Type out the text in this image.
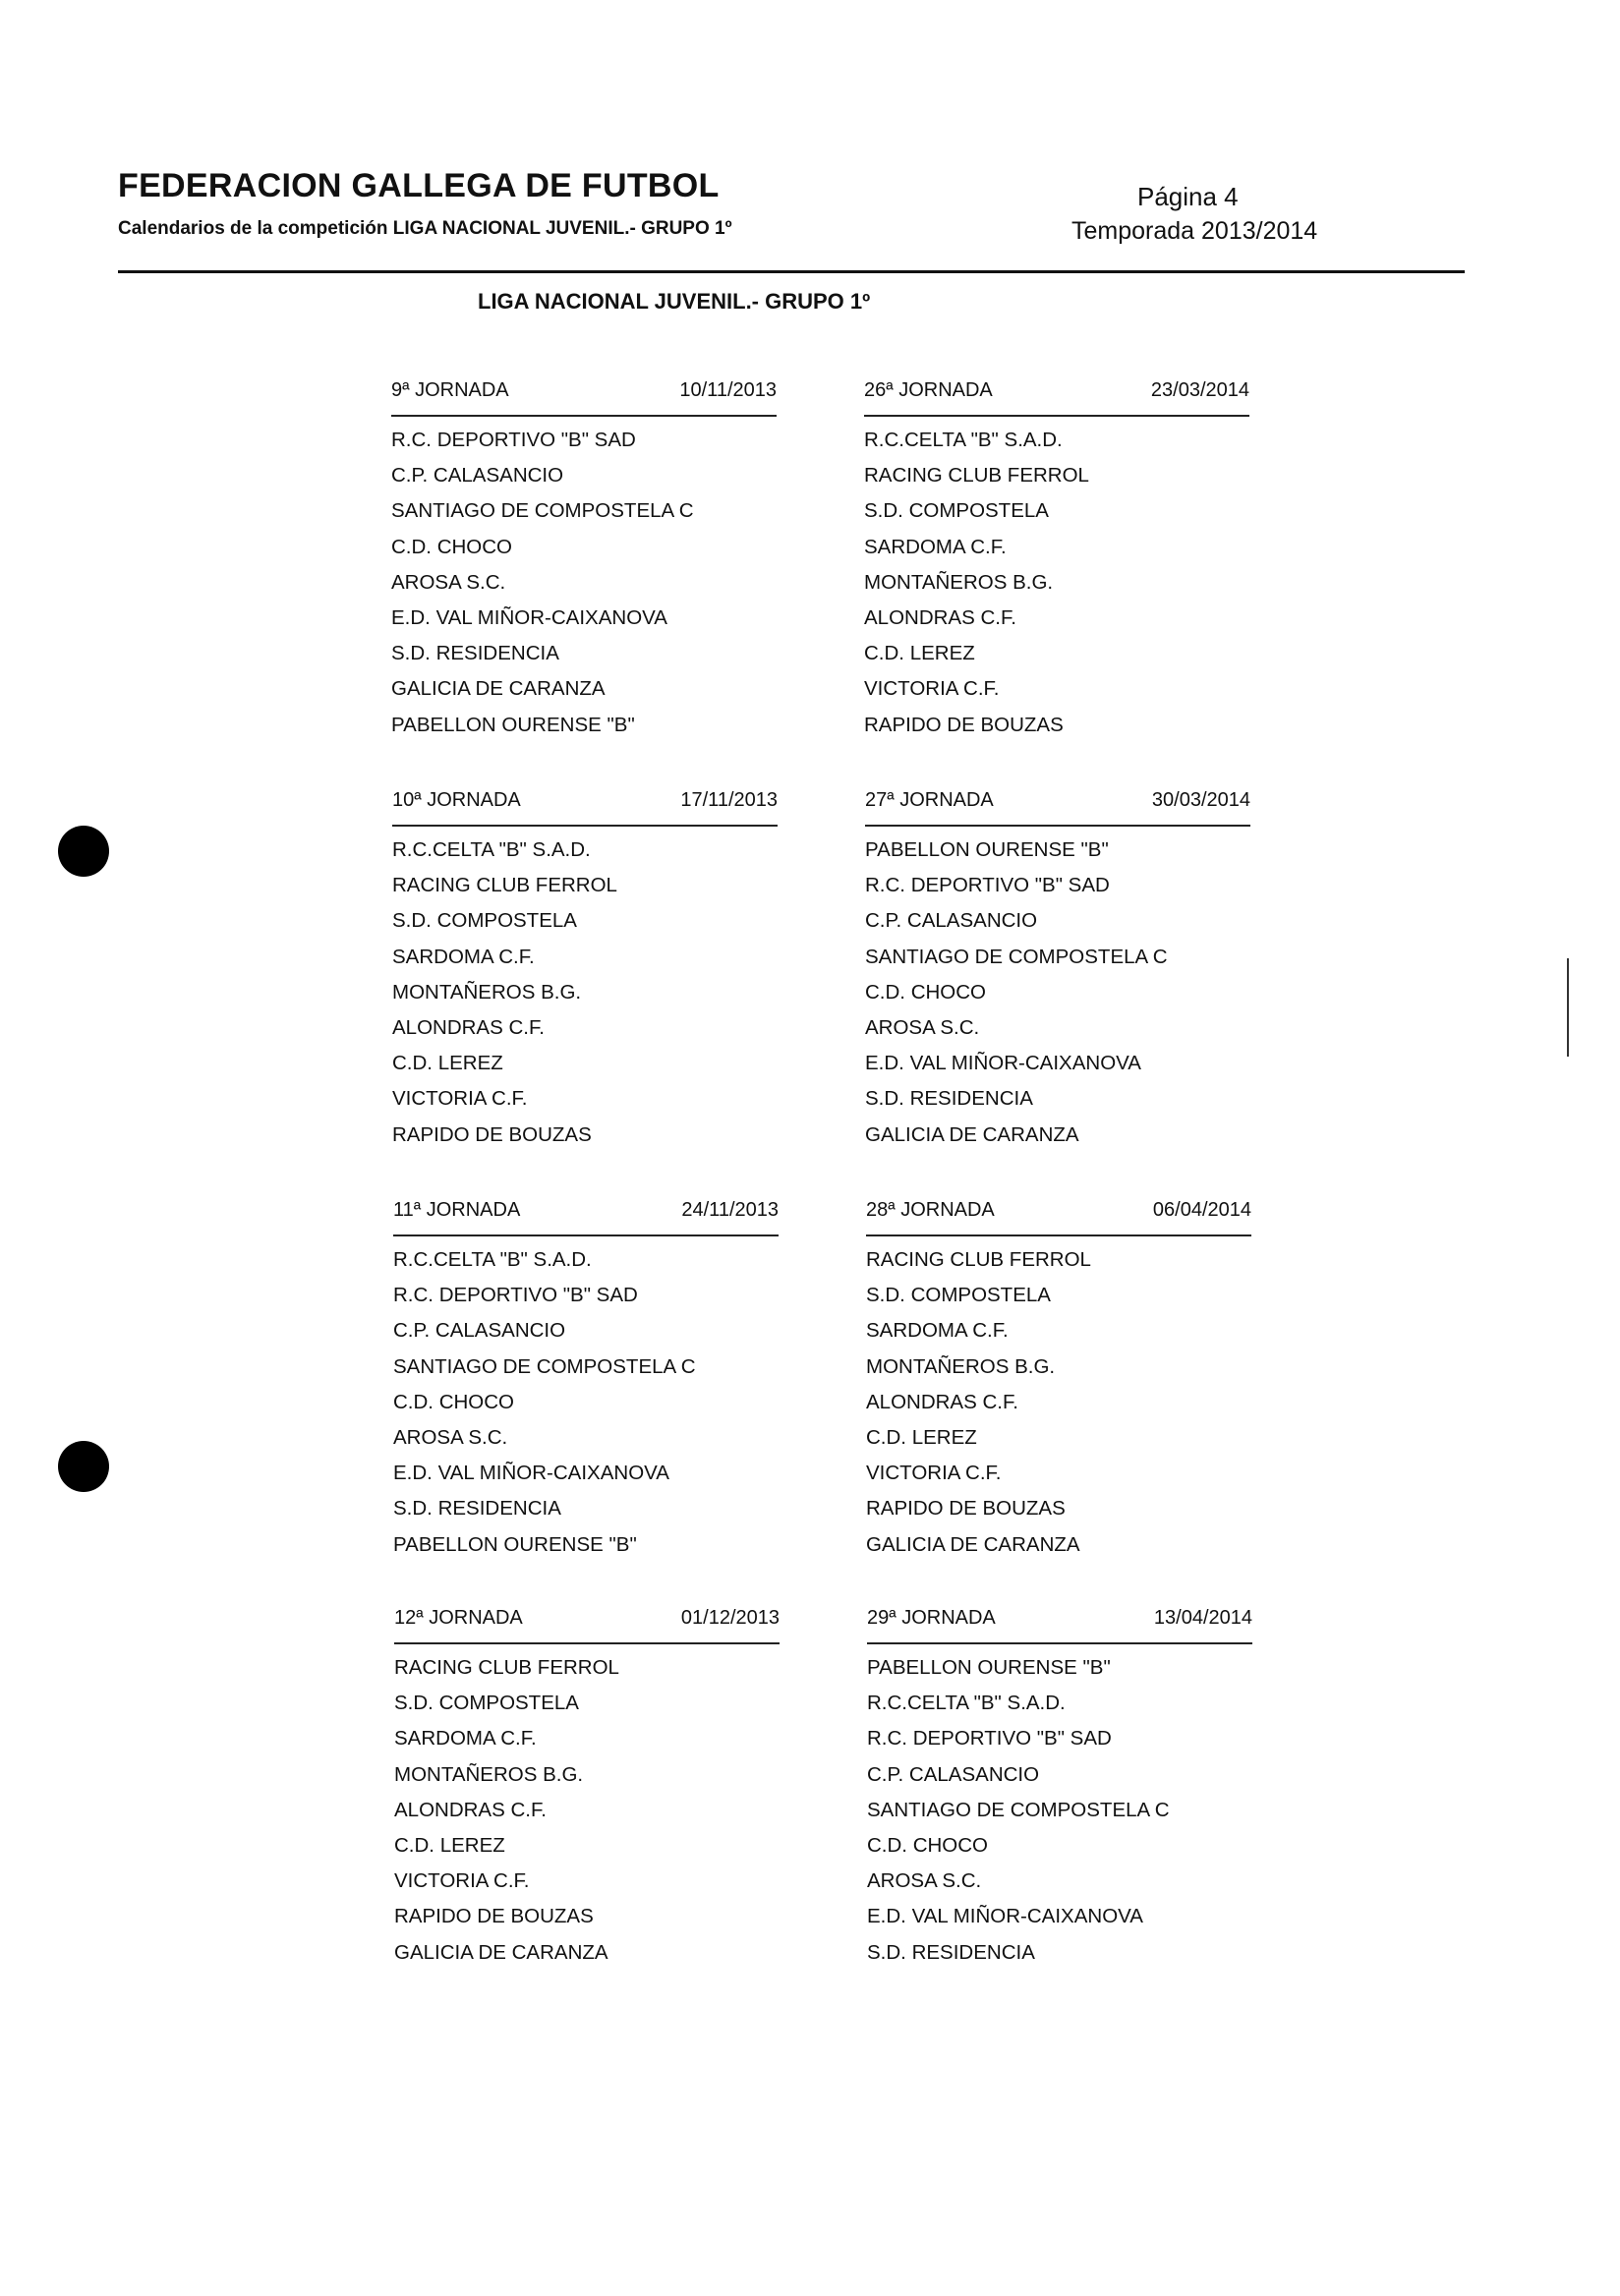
FEDERACION GALLEGA DE FUTBOL
Calendarios de la competición LIGA NACIONAL JUVENIL.- GRUPO 1º
Página 4
Temporada 2013/2014
LIGA NACIONAL JUVENIL.- GRUPO 1º
9ª JORNADA	10/11/2013
R.C. DEPORTIVO "B" SAD
C.P. CALASANCIO
SANTIAGO DE COMPOSTELA C
C.D. CHOCO
AROSA S.C.
E.D. VAL MIÑOR-CAIXANOVA
S.D. RESIDENCIA
GALICIA DE CARANZA
PABELLON OURENSE "B"
26ª JORNADA	23/03/2014
R.C.CELTA "B" S.A.D.
RACING CLUB FERROL
S.D. COMPOSTELA
SARDOMA C.F.
MONTAÑEROS B.G.
ALONDRAS C.F.
C.D. LEREZ
VICTORIA C.F.
RAPIDO DE BOUZAS
10ª JORNADA	17/11/2013
R.C.CELTA "B" S.A.D.
RACING CLUB FERROL
S.D. COMPOSTELA
SARDOMA C.F.
MONTAÑEROS B.G.
ALONDRAS C.F.
C.D. LEREZ
VICTORIA C.F.
RAPIDO DE BOUZAS
27ª JORNADA	30/03/2014
PABELLON OURENSE "B"
R.C. DEPORTIVO "B" SAD
C.P. CALASANCIO
SANTIAGO DE COMPOSTELA C
C.D. CHOCO
AROSA S.C.
E.D. VAL MIÑOR-CAIXANOVA
S.D. RESIDENCIA
GALICIA DE CARANZA
11ª JORNADA	24/11/2013
R.C.CELTA "B" S.A.D.
R.C. DEPORTIVO "B" SAD
C.P. CALASANCIO
SANTIAGO DE COMPOSTELA C
C.D. CHOCO
AROSA S.C.
E.D. VAL MIÑOR-CAIXANOVA
S.D. RESIDENCIA
PABELLON OURENSE "B"
28ª JORNADA	06/04/2014
RACING CLUB FERROL
S.D. COMPOSTELA
SARDOMA C.F.
MONTAÑEROS B.G.
ALONDRAS C.F.
C.D. LEREZ
VICTORIA C.F.
RAPIDO DE BOUZAS
GALICIA DE CARANZA
12ª JORNADA	01/12/2013
RACING CLUB FERROL
S.D. COMPOSTELA
SARDOMA C.F.
MONTAÑEROS B.G.
ALONDRAS C.F.
C.D. LEREZ
VICTORIA C.F.
RAPIDO DE BOUZAS
GALICIA DE CARANZA
29ª JORNADA	13/04/2014
PABELLON OURENSE "B"
R.C.CELTA "B" S.A.D.
R.C. DEPORTIVO "B" SAD
C.P. CALASANCIO
SANTIAGO DE COMPOSTELA C
C.D. CHOCO
AROSA S.C.
E.D. VAL MIÑOR-CAIXANOVA
S.D. RESIDENCIA
